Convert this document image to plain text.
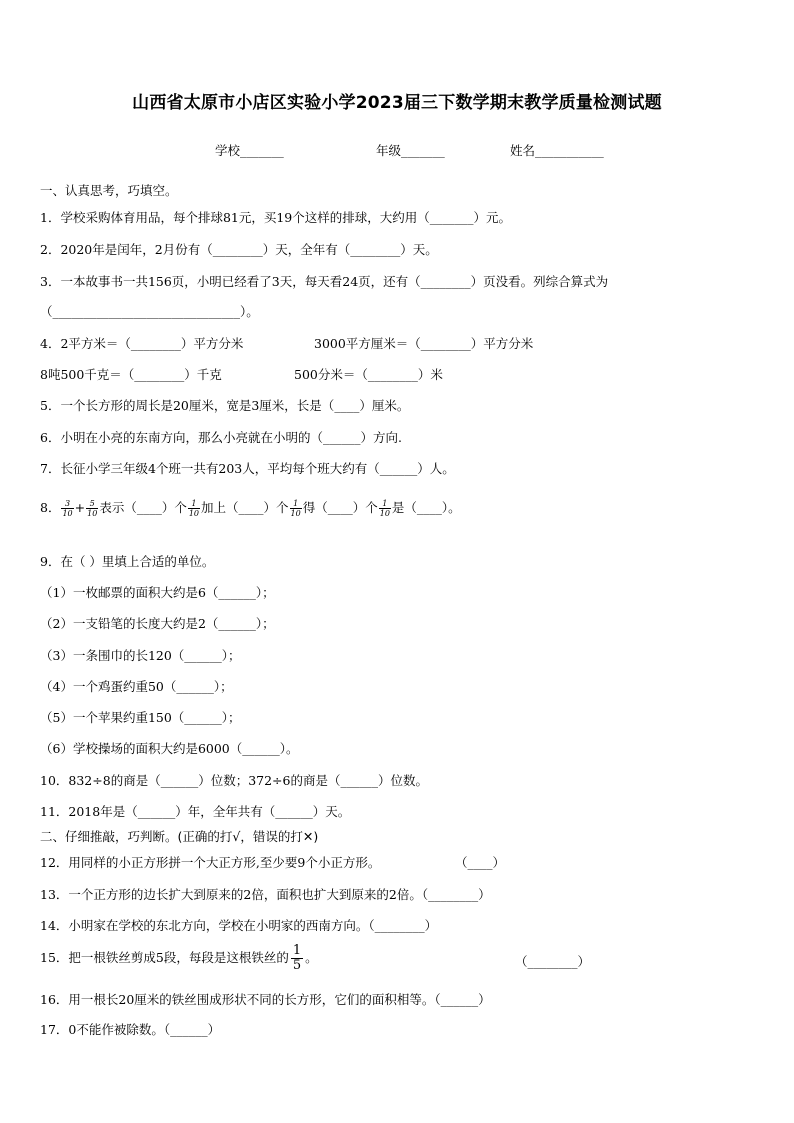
山西省太原市小店区实验小学2023届三下数学期末教学质量检测试题
学校_______	年级_______	姓名___________
一、认真思考，巧填空。
1．学校采购体育用品，每个排球81元，买19个这样的排球，大约用（_______）元。
2．2020年是闰年，2月份有（________）天，全年有（________）天。
3．一本故事书一共156页，小明已经看了3天，每天看24页，还有（________）页没看。列综合算式为
（______________________________）。
4．2平方米＝（________）平方分米	3000平方厘米＝（________）平方分米
8吨500千克＝（________）千克	500分米＝（________）米
5．一个长方形的周长是20厘米，宽是3厘米，长是（____）厘米。
6．小明在小亮的东南方向，那么小亮就在小明的（______）方向.
7．长征小学三年级4个班一共有203人，平均每个班大约有（______）人。
8． $\frac{3}{10} + \frac{5}{10}$ 表示（____）个 $\frac{1}{10}$ 加上（____）个 $\frac{1}{10}$ 得（____）个 $\frac{1}{10}$ 是（____）。
9．在（ ）里填上合适的单位。
（1）一枚邮票的面积大约是6（______）；
（2）一支铅笔的长度大约是2（______）；
（3）一条围巾的长120（______）；
（4）一个鸡蛋约重50（______）；
（5）一个苹果约重150（______）；
（6）学校操场的面积大约是6000（______）。
10．832÷8的商是（______）位数；372÷6的商是（______）位数。
11．2018年是（______）年，全年共有（______）天。
二、仔细推敲，巧判断。(正确的打√，错误的打✕)
12．用同样的小正方形拼一个大正方形,至少要9个小正方形。	（____）
13．一个正方形的边长扩大到原来的2倍，面积也扩大到原来的2倍。（________）
14．小明家在学校的东北方向，学校在小明家的西南方向。（________）
15．把一根铁丝剪成5段，每段是这根铁丝的 $\frac{1}{5}$ 。	（________）
16．用一根长20厘米的铁丝围成形状不同的长方形，它们的面积相等。（______）
17．0不能作被除数。（______）
